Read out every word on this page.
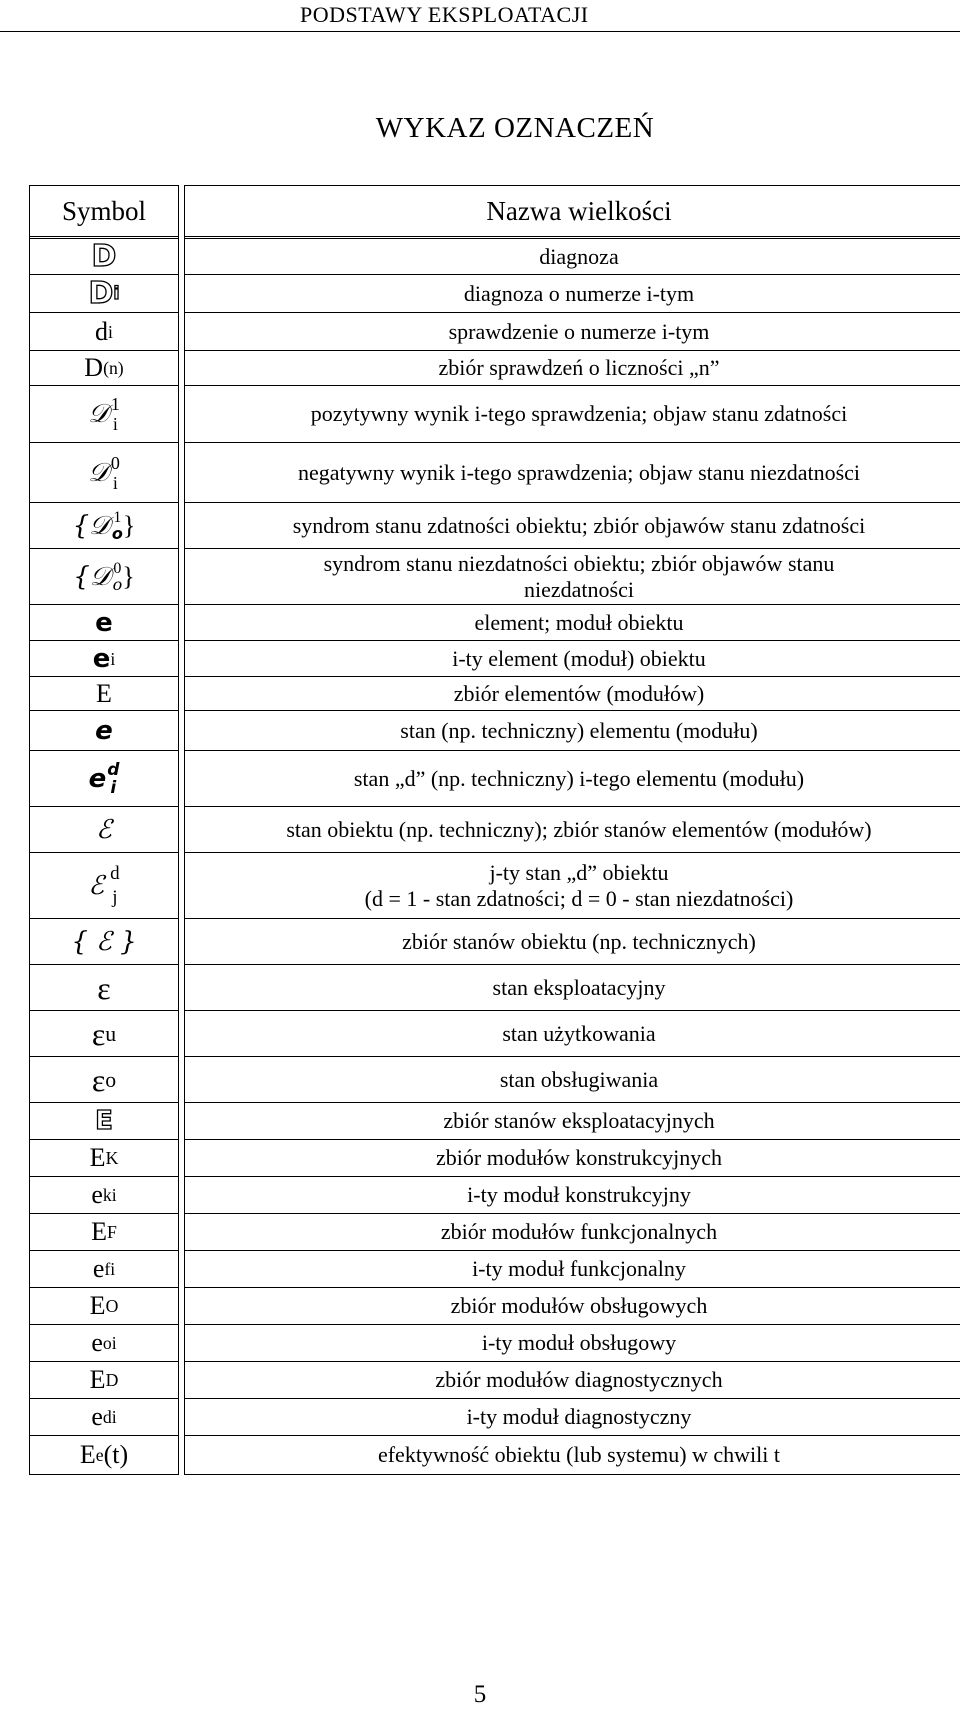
PODSTAWY EKSPLOATACJI
WYKAZ OZNACZEŃ
Symbol
D
D i
d i
D (n)
𝒟 1
i
𝒟 0
i
{𝒟 1
o }
{𝒟 0
o }
e
e i
E
e
e d
i
ℰ
ℰ d
j
{ ℰ }
ε
ε u
ε o
E
E K
e ki
E F
e fi
E O
e oi
E D
e di
E e (t)
Nazwa wielkości
diagnoza
diagnoza o numerze i-tym
sprawdzenie o numerze i-tym
zbiór sprawdzeń o liczności „n”
pozytywny wynik i-tego sprawdzenia; objaw stanu zdatności
negatywny wynik i-tego sprawdzenia; objaw stanu niezdatności
syndrom stanu zdatności obiektu; zbiór objawów stanu zdatności
syndrom stanu niezdatności obiektu; zbiór objawów stanu
niezdatności
element; moduł obiektu
i-ty element (moduł) obiektu
zbiór elementów (modułów)
stan (np. techniczny) elementu (modułu)
stan „d” (np. techniczny) i-tego elementu (modułu)
stan obiektu (np. techniczny); zbiór stanów elementów (modułów)
j-ty stan „d” obiektu
(d = 1 - stan zdatności; d = 0 - stan niezdatności)
zbiór stanów obiektu (np. technicznych)
stan eksploatacyjny
stan użytkowania
stan obsługiwania
zbiór stanów eksploatacyjnych
zbiór modułów konstrukcyjnych
i-ty moduł konstrukcyjny
zbiór modułów funkcjonalnych
i-ty moduł funkcjonalny
zbiór modułów obsługowych
i-ty moduł obsługowy
zbiór modułów diagnostycznych
i-ty moduł diagnostyczny
efektywność obiektu (lub systemu) w chwili t
5
